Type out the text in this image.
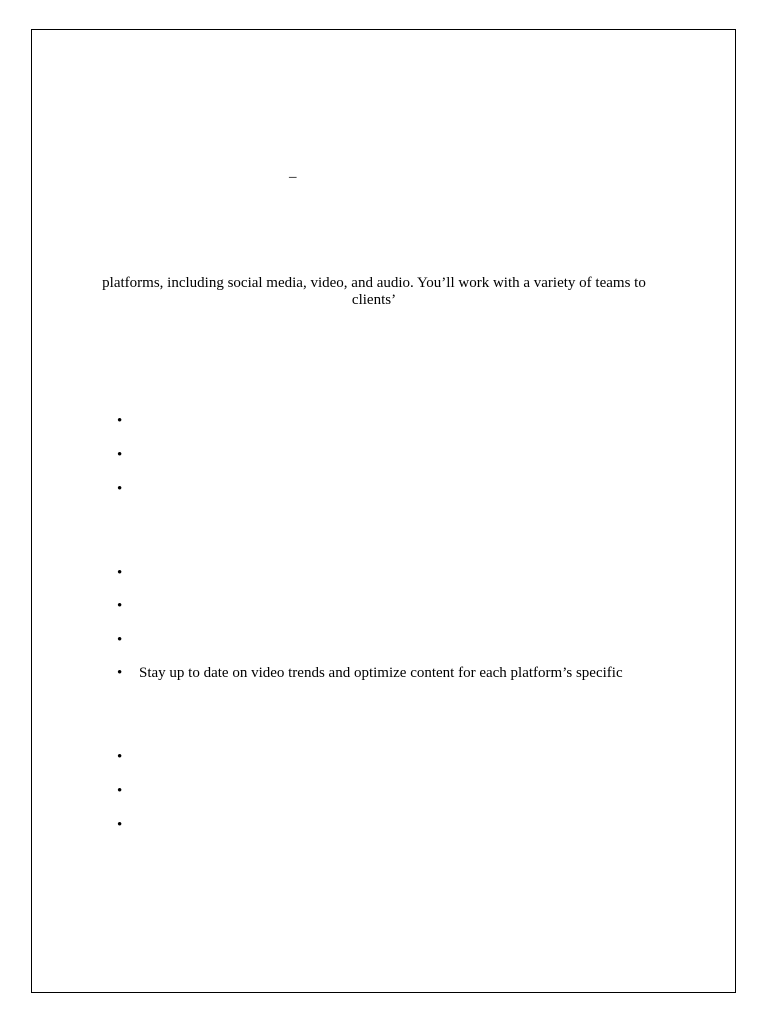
–
platforms, including social media, video, and audio. You’ll work with a variety of teams to
clients’
•
•
•
•
•
•
• Stay up to date on video trends and optimize content for each platform’s specific
•
•
•
